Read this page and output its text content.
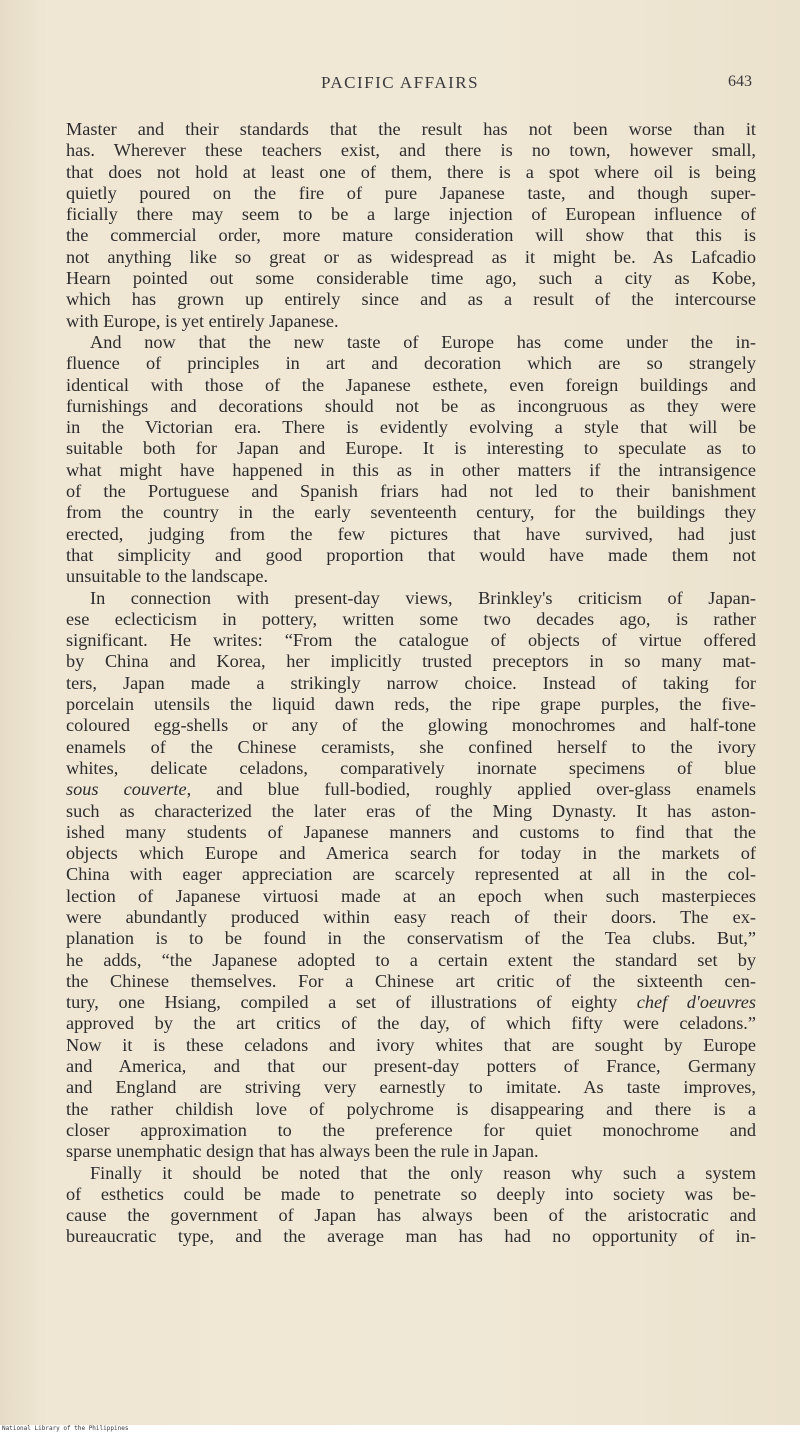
PACIFIC AFFAIRS	643
Master and their standards that the result has not been worse than it
has. Wherever these teachers exist, and there is no town, however small,
that does not hold at least one of them, there is a spot where oil is being
quietly poured on the fire of pure Japanese taste, and though super-
ficially there may seem to be a large injection of European influence of
the commercial order, more mature consideration will show that this is
not anything like so great or as widespread as it might be. As Lafcadio
Hearn pointed out some considerable time ago, such a city as Kobe,
which has grown up entirely since and as a result of the intercourse
with Europe, is yet entirely Japanese.
And now that the new taste of Europe has come under the in-
fluence of principles in art and decoration which are so strangely
identical with those of the Japanese esthete, even foreign buildings and
furnishings and decorations should not be as incongruous as they were
in the Victorian era. There is evidently evolving a style that will be
suitable both for Japan and Europe. It is interesting to speculate as to
what might have happened in this as in other matters if the intransigence
of the Portuguese and Spanish friars had not led to their banishment
from the country in the early seventeenth century, for the buildings they
erected, judging from the few pictures that have survived, had just
that simplicity and good proportion that would have made them not
unsuitable to the landscape.
In connection with present-day views, Brinkley's criticism of Japan-
ese eclecticism in pottery, written some two decades ago, is rather
significant. He writes: “From the catalogue of objects of virtue offered
by China and Korea, her implicitly trusted preceptors in so many mat-
ters, Japan made a strikingly narrow choice. Instead of taking for
porcelain utensils the liquid dawn reds, the ripe grape purples, the five-
coloured egg-shells or any of the glowing monochromes and half-tone
enamels of the Chinese ceramists, she confined herself to the ivory
whites, delicate celadons, comparatively inornate specimens of blue
sous couverte, and blue full-bodied, roughly applied over-glass enamels
such as characterized the later eras of the Ming Dynasty. It has aston-
ished many students of Japanese manners and customs to find that the
objects which Europe and America search for today in the markets of
China with eager appreciation are scarcely represented at all in the col-
lection of Japanese virtuosi made at an epoch when such masterpieces
were abundantly produced within easy reach of their doors. The ex-
planation is to be found in the conservatism of the Tea clubs. But,”
he adds, “the Japanese adopted to a certain extent the standard set by
the Chinese themselves. For a Chinese art critic of the sixteenth cen-
tury, one Hsiang, compiled a set of illustrations of eighty chef d'oeuvres
approved by the art critics of the day, of which fifty were celadons.”
Now it is these celadons and ivory whites that are sought by Europe
and America, and that our present-day potters of France, Germany
and England are striving very earnestly to imitate. As taste improves,
the rather childish love of polychrome is disappearing and there is a
closer approximation to the preference for quiet monochrome and
sparse unemphatic design that has always been the rule in Japan.
Finally it should be noted that the only reason why such a system
of esthetics could be made to penetrate so deeply into society was be-
cause the government of Japan has always been of the aristocratic and
bureaucratic type, and the average man has had no opportunity of in-
National Library of the Philippines
